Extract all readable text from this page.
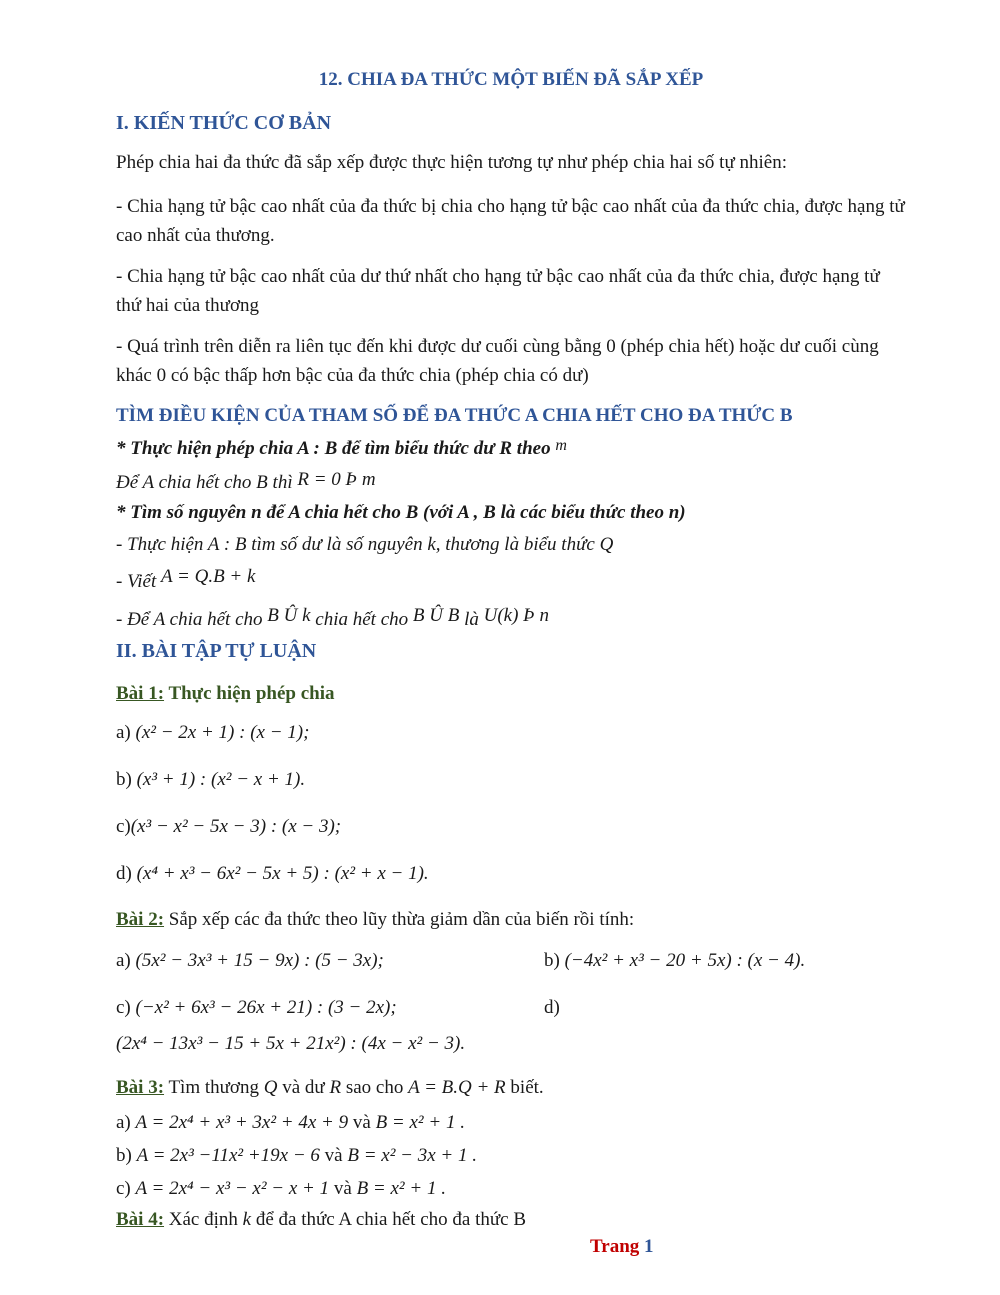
12. CHIA ĐA THỨC MỘT BIẾN ĐÃ SẮP XẾP
I. KIẾN THỨC CƠ BẢN
Phép chia hai đa thức đã sắp xếp được thực hiện tương tự như phép chia hai số tự nhiên:
- Chia hạng tử bậc cao nhất của đa thức bị chia cho hạng tử bậc cao nhất của đa thức chia, được hạng tử cao nhất của thương.
- Chia hạng tử bậc cao nhất của dư thứ nhất cho hạng tử bậc cao nhất của đa thức chia, được hạng tử thứ hai của thương
- Quá trình trên diễn ra liên tục đến khi được dư cuối cùng bằng 0 (phép chia hết) hoặc dư cuối cùng khác 0 có bậc thấp hơn bậc của đa thức chia (phép chia có dư)
TÌM ĐIỀU KIỆN CỦA THAM SỐ ĐỂ ĐA THỨC A CHIA HẾT CHO ĐA THỨC B
* Thực hiện phép chia A : B để tìm biểu thức dư R theo $^m$
Để A chia hết cho B thì R = 0 Þ m
* Tìm số nguyên n để A chia hết cho B (với A , B là các biểu thức theo n)
- Thực hiện A : B tìm số dư là số nguyên k, thương là biểu thức Q
- Viết A = Q.B + k
- Để A chia hết cho B Û k chia hết cho B Û B là U(k) Þ n
II. BÀI TẬP TỰ LUẬN
Bài 1: Thực hiện phép chia
a) (x² − 2x + 1) : (x − 1);
b) (x³ + 1) : (x² − x + 1).
c)(x³ − x² − 5x − 3) : (x − 3);
d) (x⁴ + x³ − 6x² − 5x + 5) : (x² + x − 1).
Bài 2: Sắp xếp các đa thức theo lũy thừa giảm dần của biến rồi tính:
a) (5x² − 3x³ + 15 − 9x) : (5 − 3x);	b) (−4x² + x³ − 20 + 5x) : (x − 4).
c) (−x² + 6x³ − 26x + 21) : (3 − 2x);	d)
(2x⁴ − 13x³ − 15 + 5x + 21x²) : (4x − x² − 3).
Bài 3: Tìm thương Q và dư R sao cho A = B.Q + R biết.
a) A = 2x⁴ + x³ + 3x² + 4x + 9 và B = x² + 1 .
b) A = 2x³ −11x² +19x − 6 và B = x² − 3x + 1 .
c) A = 2x⁴ − x³ − x² − x + 1 và B = x² + 1 .
Bài 4: Xác định k để đa thức A chia hết cho đa thức B
Trang 1
